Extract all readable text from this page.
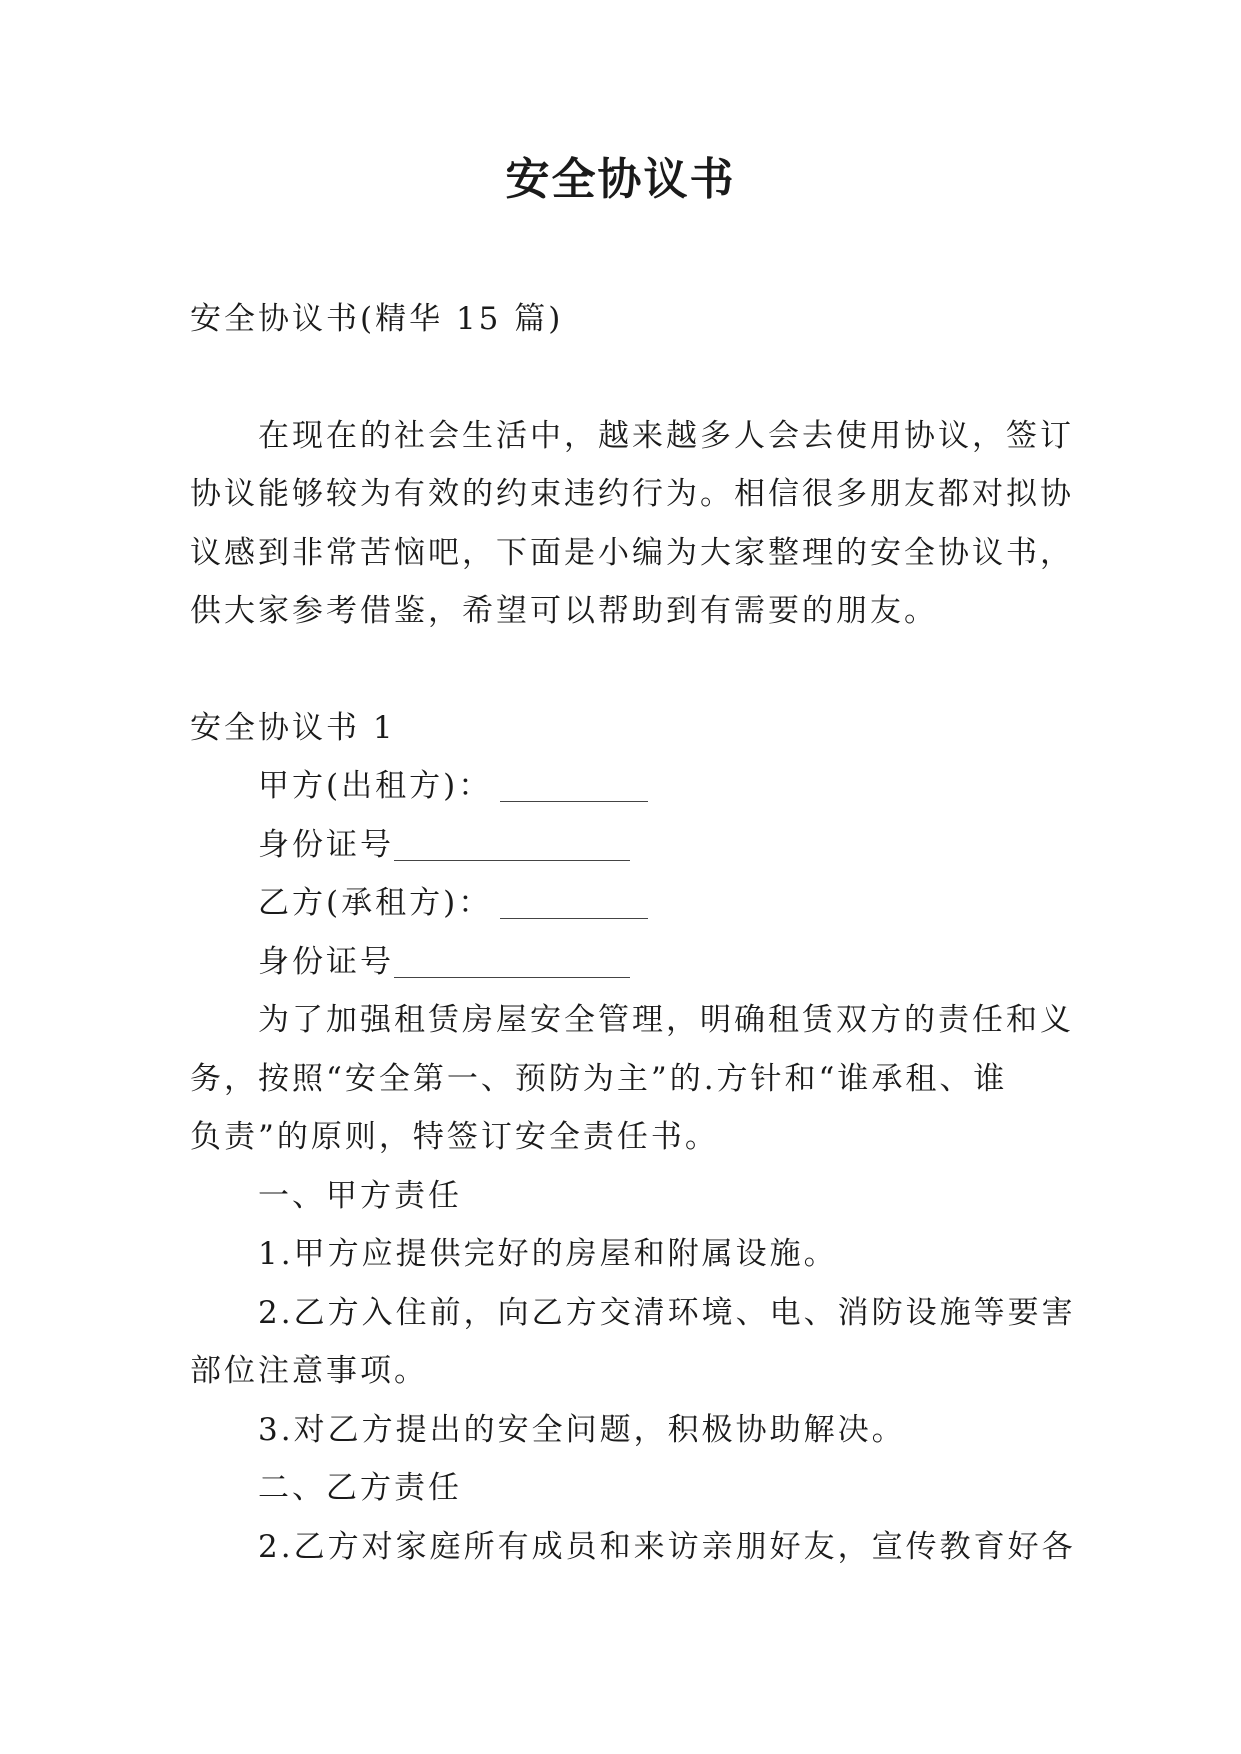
安全协议书

安全协议书(精华 15 篇)

在现在的社会生活中，越来越多人会去使用协议，签订

协议能够较为有效的约束违约行为。相信很多朋友都对拟协

议感到非常苦恼吧，下面是小编为大家整理的安全协议书，

供大家参考借鉴，希望可以帮助到有需要的朋友。

安全协议书 1

甲方(出租方)：

身份证号

乙方(承租方)：

身份证号

为了加强租赁房屋安全管理，明确租赁双方的责任和义

务，按照“安全第一、预防为主”的.方针和“谁承租、谁

负责”的原则，特签订安全责任书。

一、甲方责任

1.甲方应提供完好的房屋和附属设施。

2.乙方入住前，向乙方交清环境、电、消防设施等要害

部位注意事项。

3.对乙方提出的安全问题，积极协助解决。

二、乙方责任

2.乙方对家庭所有成员和来访亲朋好友，宣传教育好各
